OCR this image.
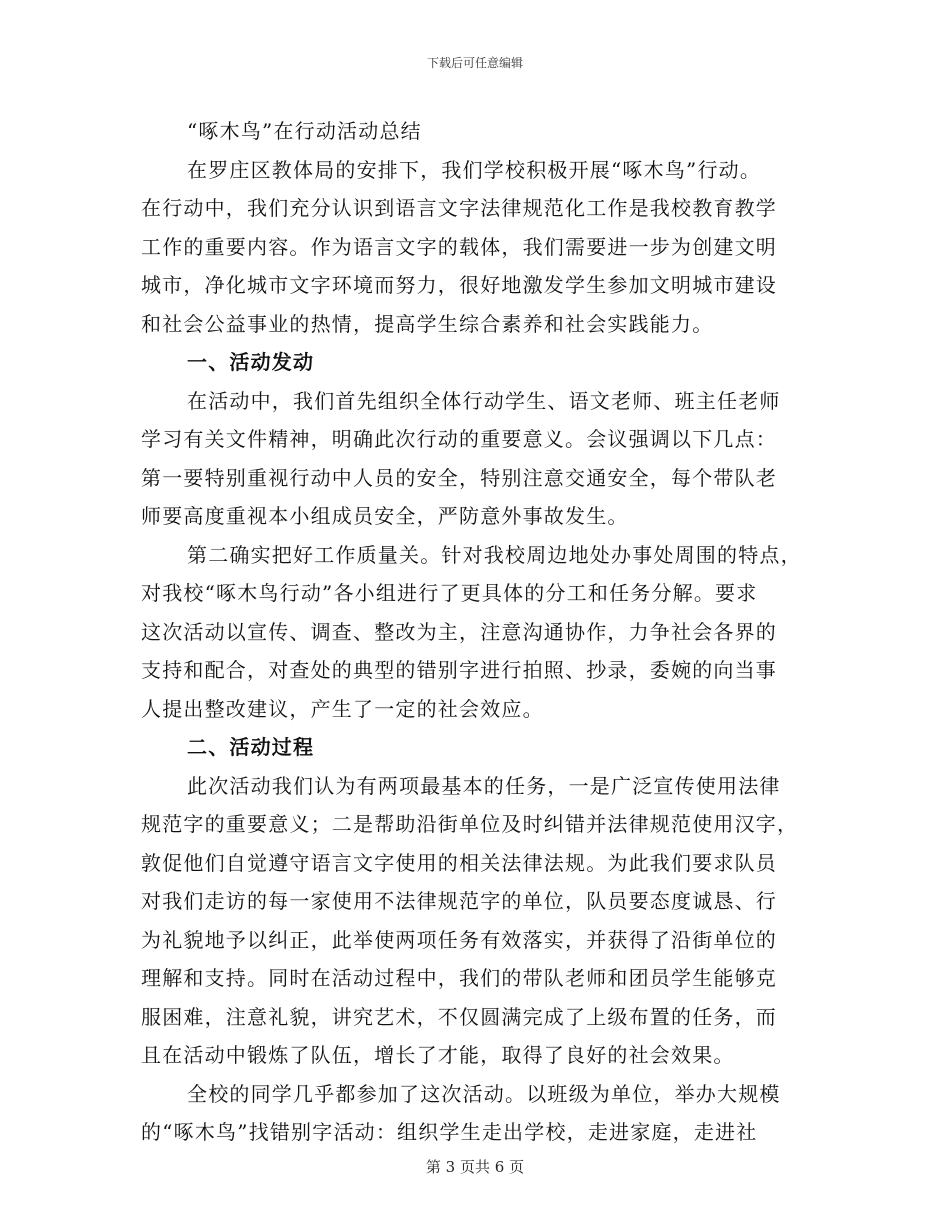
下载后可任意编辑
“啄木鸟”在行动活动总结
在罗庄区教体局的安排下，我们学校积极开展“啄木鸟”行动。
在行动中，我们充分认识到语言文字法律规范化工作是我校教育教学
工作的重要内容。作为语言文字的载体，我们需要进一步为创建文明
城市，净化城市文字环境而努力，很好地激发学生参加文明城市建设
和社会公益事业的热情，提高学生综合素养和社会实践能力。
一、活动发动
在活动中，我们首先组织全体行动学生、语文老师、班主任老师
学习有关文件精神，明确此次行动的重要意义。会议强调以下几点：
第一要特别重视行动中人员的安全，特别注意交通安全，每个带队老
师要高度重视本小组成员安全，严防意外事故发生。
第二确实把好工作质量关。针对我校周边地处办事处周围的特点，
对我校“啄木鸟行动”各小组进行了更具体的分工和任务分解。要求
这次活动以宣传、调查、整改为主，注意沟通协作，力争社会各界的
支持和配合，对查处的典型的错别字进行拍照、抄录，委婉的向当事
人提出整改建议，产生了一定的社会效应。
二、活动过程
此次活动我们认为有两项最基本的任务，一是广泛宣传使用法律
规范字的重要意义；二是帮助沿街单位及时纠错并法律规范使用汉字，
敦促他们自觉遵守语言文字使用的相关法律法规。为此我们要求队员
对我们走访的每一家使用不法律规范字的单位，队员要态度诚恳、行
为礼貌地予以纠正，此举使两项任务有效落实，并获得了沿街单位的
理解和支持。同时在活动过程中，我们的带队老师和团员学生能够克
服困难，注意礼貌，讲究艺术，不仅圆满完成了上级布置的任务，而
且在活动中锻炼了队伍，增长了才能，取得了良好的社会效果。
全校的同学几乎都参加了这次活动。以班级为单位，举办大规模
的“啄木鸟”找错别字活动：组织学生走出学校，走进家庭，走进社
第 3 页共 6 页
